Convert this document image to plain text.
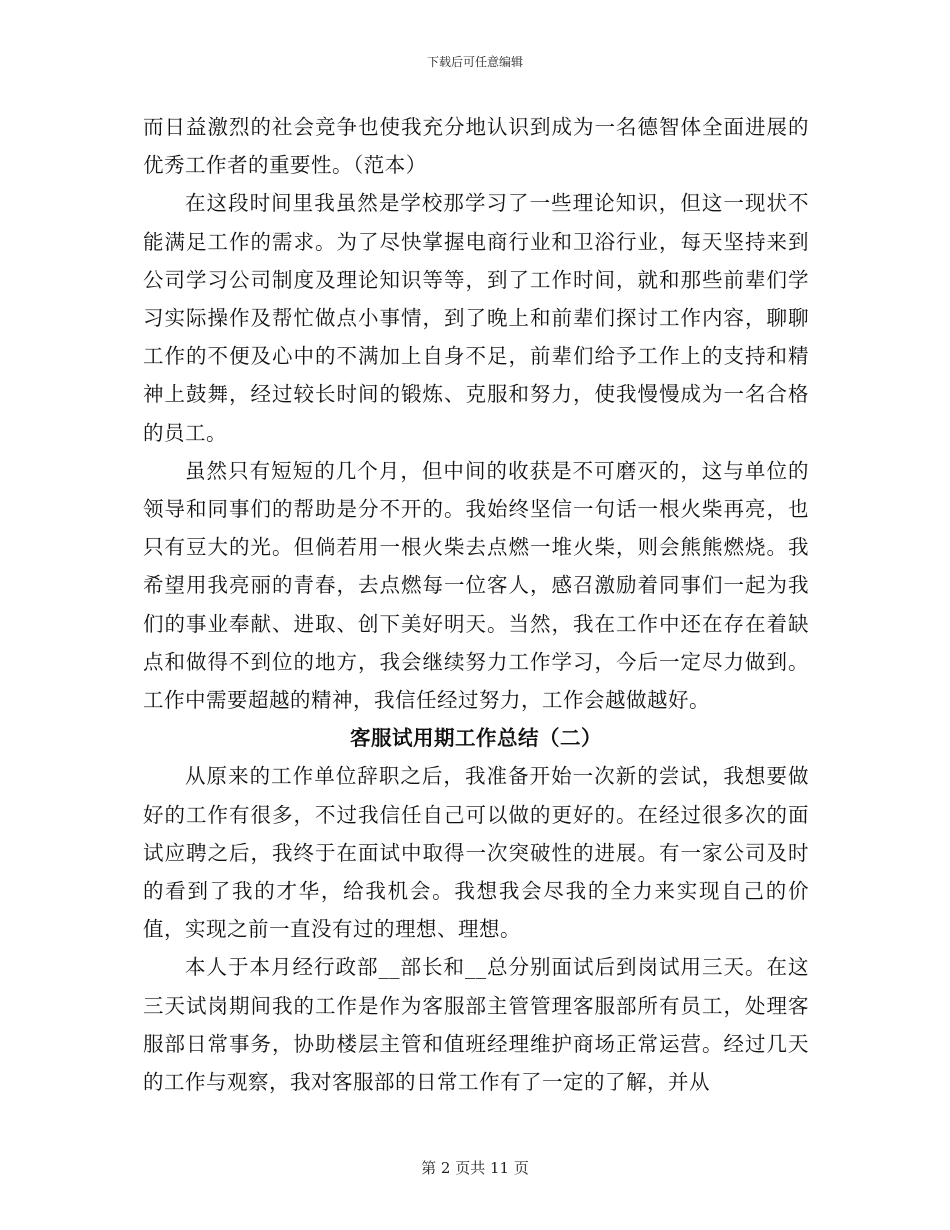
下载后可任意编辑

而日益激烈的社会竞争也使我充分地认识到成为一名德智体全面进展的优秀工作者的重要性。（范本）

在这段时间里我虽然是学校那学习了一些理论知识，但这一现状不能满足工作的需求。为了尽快掌握电商行业和卫浴行业，每天坚持来到公司学习公司制度及理论知识等等，到了工作时间，就和那些前辈们学习实际操作及帮忙做点小事情，到了晚上和前辈们探讨工作内容，聊聊工作的不便及心中的不满加上自身不足，前辈们给予工作上的支持和精神上鼓舞，经过较长时间的锻炼、克服和努力，使我慢慢成为一名合格的员工。

虽然只有短短的几个月，但中间的收获是不可磨灭的，这与单位的领导和同事们的帮助是分不开的。我始终坚信一句话一根火柴再亮，也只有豆大的光。但倘若用一根火柴去点燃一堆火柴，则会熊熊燃烧。我希望用我亮丽的青春，去点燃每一位客人，感召激励着同事们一起为我们的事业奉献、进取、创下美好明天。当然，我在工作中还在存在着缺点和做得不到位的地方，我会继续努力工作学习，今后一定尽力做到。工作中需要超越的精神，我信任经过努力，工作会越做越好。

客服试用期工作总结（二）

从原来的工作单位辞职之后，我准备开始一次新的尝试，我想要做好的工作有很多，不过我信任自己可以做的更好的。在经过很多次的面试应聘之后，我终于在面试中取得一次突破性的进展。有一家公司及时的看到了我的才华，给我机会。我想我会尽我的全力来实现自己的价值，实现之前一直没有过的理想、理想。

本人于本月经行政部__部长和__总分别面试后到岗试用三天。在这三天试岗期间我的工作是作为客服部主管管理客服部所有员工，处理客服部日常事务，协助楼层主管和值班经理维护商场正常运营。经过几天的工作与观察，我对客服部的日常工作有了一定的了解，并从

第 2 页共 11 页
